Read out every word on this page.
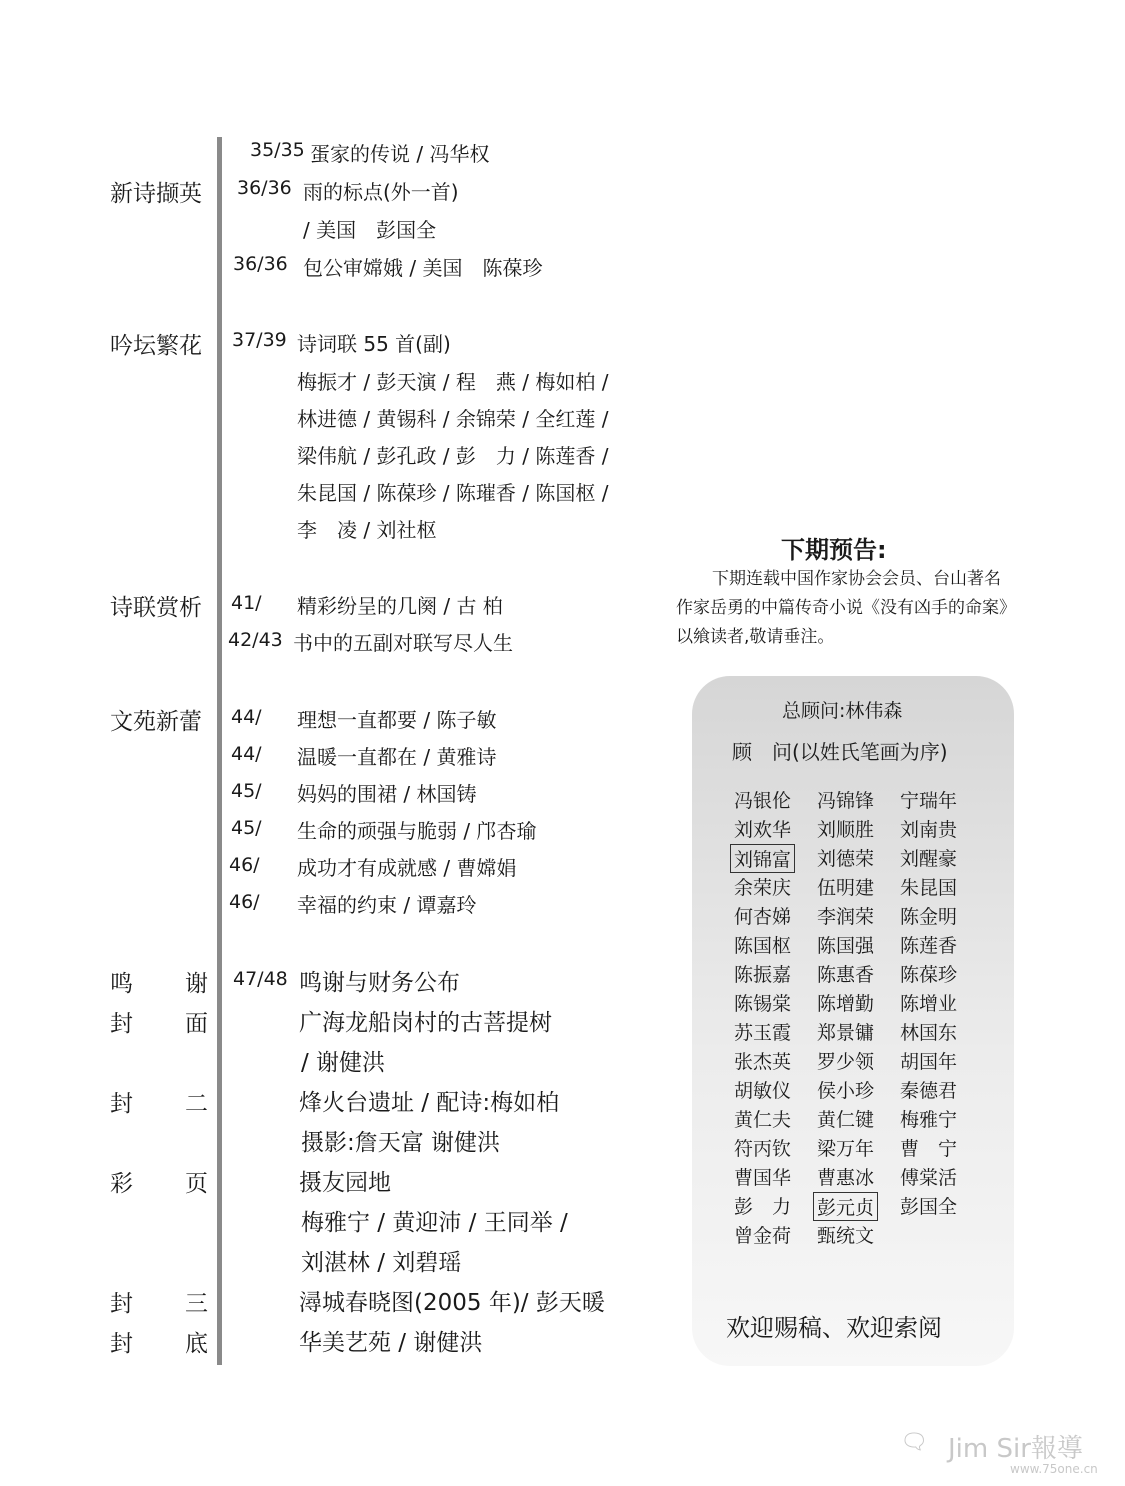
35/35 蛋家的传说 / 冯华权
新诗撷英 36/36 雨的标点(外一首)
/ 美国　彭国全
36/36 包公审嫦娥 / 美国　陈葆珍
吟坛繁花 37/39 诗词联 55 首(副)
梅振才 / 彭天演 / 程　燕 / 梅如柏 /
林进德 / 黄锡科 / 余锦荣 / 全红莲 /
梁伟航 / 彭孔政 / 彭　力 / 陈莲香 /
朱昆国 / 陈葆珍 / 陈璀香 / 陈国枢 /
李　凌 / 刘社枢
诗联赏析 41/ 精彩纷呈的几阕 / 古 柏
42/43 书中的五副对联写尽人生
文苑新蕾 44/ 理想一直都要 / 陈子敏
44/ 温暖一直都在 / 黄雅诗
45/ 妈妈的围裙 / 林国铸
45/ 生命的顽强与脆弱 / 邝杏瑜
46/ 成功才有成就感 / 曹嫦娟
46/ 幸福的约束 / 谭嘉玲
鸣 谢 47/48 鸣谢与财务公布
封 面	广海龙船岗村的古菩提树
/ 谢健洪
封 二	烽火台遗址 / 配诗:梅如柏
摄影:詹天富 谢健洪
彩 页	摄友园地
梅雅宁 / 黄迎沛 / 王同举 /
刘湛林 / 刘碧瑶
封 三	潯城春晓图(2005 年)/ 彭天暖
封 底	华美艺苑 / 谢健洪
下期预告:
下期连载中国作家协会会员、台山著名作家岳勇的中篇传奇小说《没有凶手的命案》以飨读者,敬请垂注。
总顾问:林伟森
顾　问(以姓氏笔画为序)
冯银伦 冯锦锋 宁瑞年
刘欢华 刘顺胜 刘南贵
刘锦富 刘德荣 刘醒豪
余荣庆 伍明建 朱昆国
何杏娣 李润荣 陈金明
陈国枢 陈国强 陈莲香
陈振嘉 陈惠香 陈葆珍
陈锡棠 陈增勤 陈增业
苏玉霞 郑景镛 林国东
张杰英 罗少领 胡国年
胡敏仪 侯小珍 秦德君
黄仁夫 黄仁键 梅雅宁
符丙钦 梁万年 曹　宁
曹国华 曹惠冰 傅棠活
彭　力 彭元贞 彭国全
曾金荷 甄统文
欢迎赐稿、欢迎索阅
🗨 Jim Sir報導
www.75one.cn
